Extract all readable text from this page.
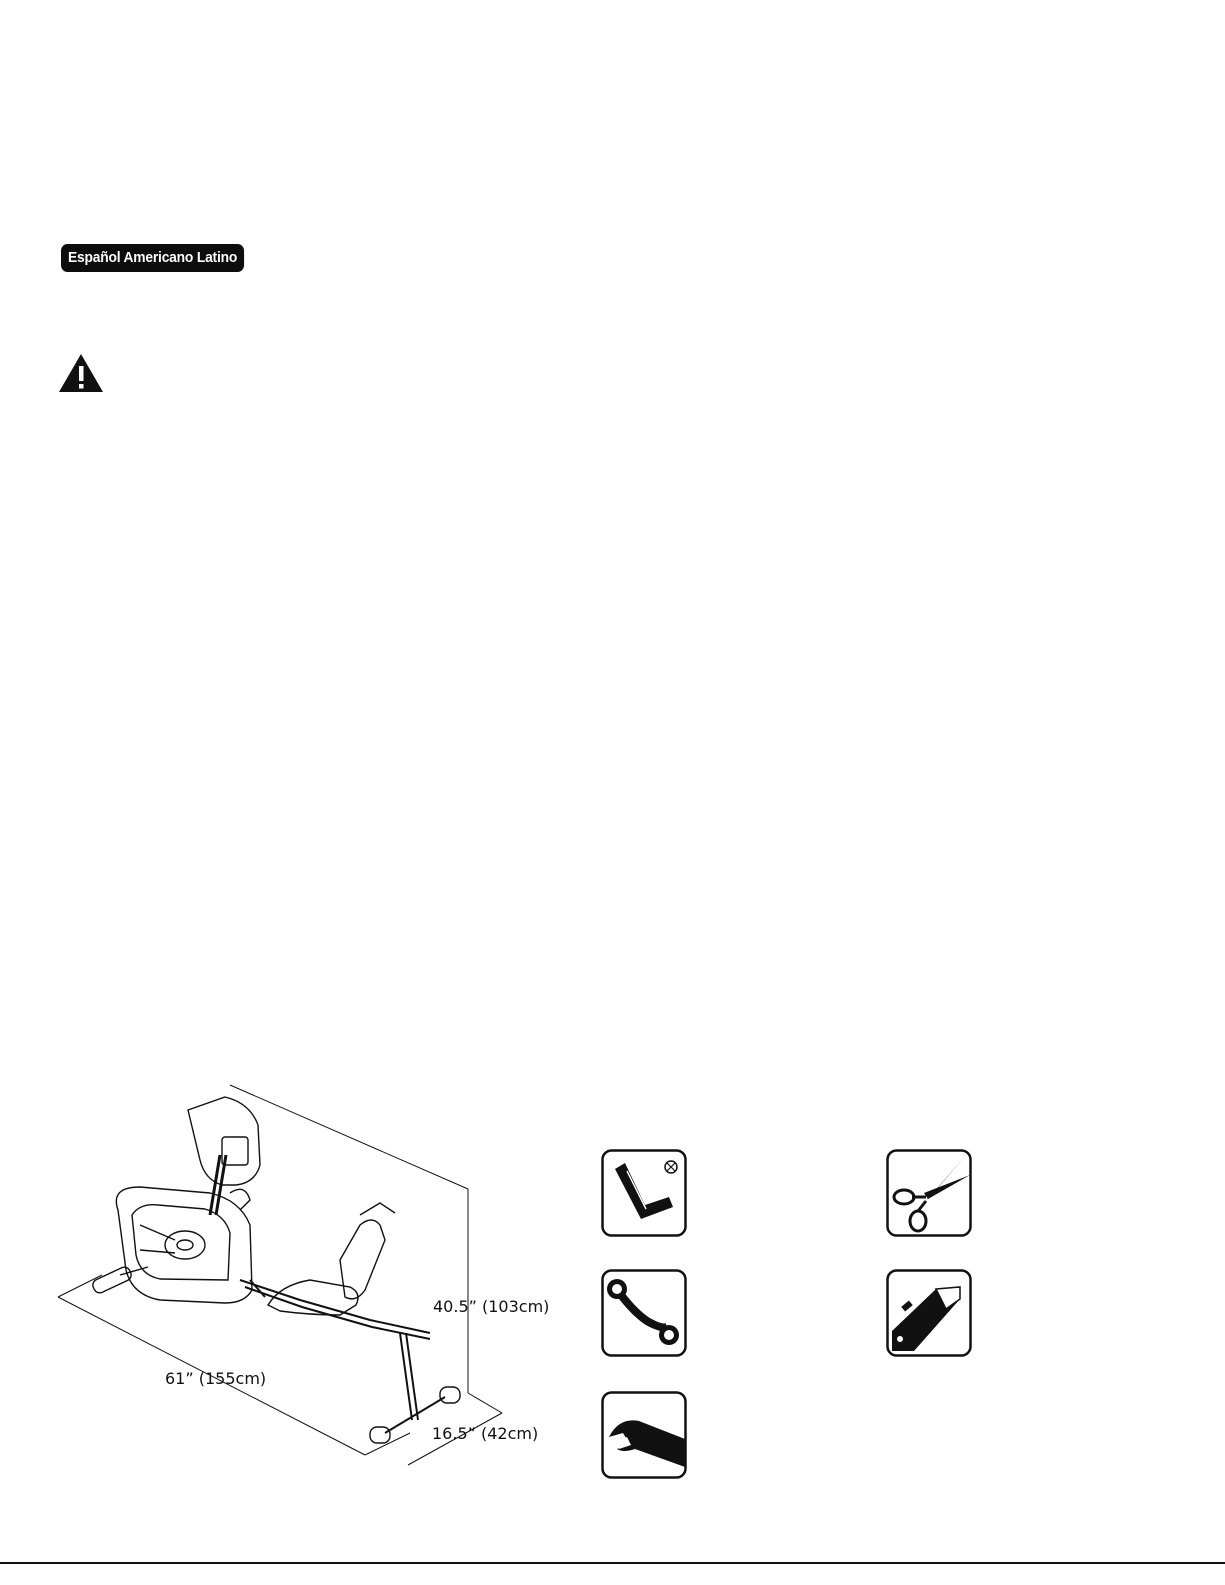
Español Americano Latino
61” (155cm)
40.5” (103cm)
16.5” (42cm)
